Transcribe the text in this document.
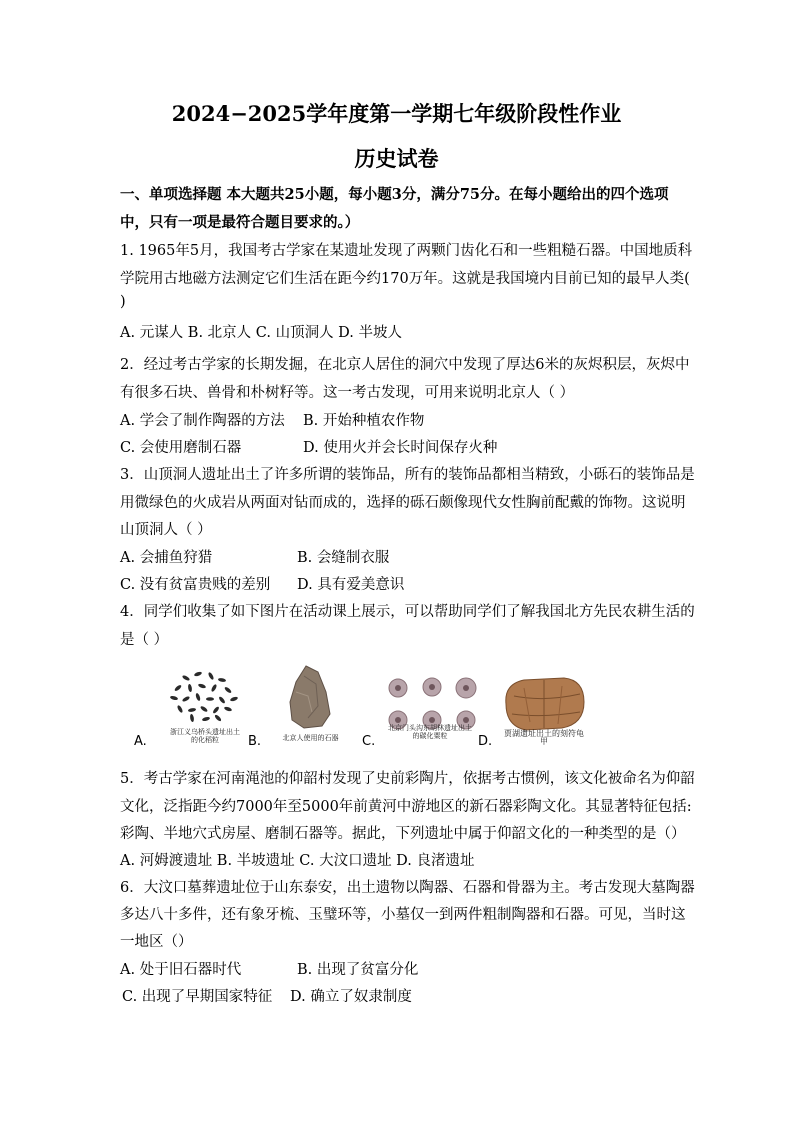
2024−2025学年度第一学期七年级阶段性作业
历史试卷
一、单项选择题 本大题共25小题，每小题3分，满分75分。在每小题给出的四个选项
中，只有一项是最符合题目要求的。）
1. 1965年5月，我国考古学家在某遗址发现了两颗门齿化石和一些粗糙石器。中国地质科
学院用古地磁方法测定它们生活在距今约170万年。这就是我国境内目前已知的最早人类(
)
A. 元谋人 B. 北京人 C. 山顶洞人 D. 半坡人
2．经过考古学家的长期发掘，在北京人居住的洞穴中发现了厚达6米的灰烬积层，灰烬中
有很多石块、兽骨和朴树籽等。这一考古发现，可用来说明北京人（ ）
A. 学会了制作陶器的方法 B. 开始种植农作物
C. 会使用磨制石器	D. 使用火并会长时间保存火种
3．山顶洞人遗址出土了许多所谓的装饰品，所有的装饰品都相当精致，小砾石的装饰品是
用微绿色的火成岩从两面对钻而成的，选择的砾石颇像现代女性胸前配戴的饰物。这说明
山顶洞人（ ）
A. 会捕鱼狩猎	B. 会缝制衣服
C. 没有贫富贵贱的差别 D. 具有爱美意识
4．同学们收集了如下图片在活动课上展示，可以帮助同学们了解我国北方先民农耕生活的
是（ ）
浙江义乌桥头遗址出土的化稻粒
A.	北京人使用的石器
B.
北京门头沟东胡林遗址出土的碳化粟粒
C.	D.
贾湖遗址出土的刻符龟甲
5．考古学家在河南渑池的仰韶村发现了史前彩陶片，依据考古惯例，该文化被命名为仰韶
文化，泛指距今约7000年至5000年前黄河中游地区的新石器彩陶文化。其显著特征包括:
彩陶、半地穴式房屋、磨制石器等。据此，下列遗址中属于仰韶文化的一种类型的是（）
A. 河姆渡遗址 B. 半坡遗址 C. 大汶口遗址 D. 良渚遗址
6．大汶口墓葬遗址位于山东泰安，出土遗物以陶器、石器和骨器为主。考古发现大墓陶器
多达八十多件，还有象牙梳、玉璧环等，小墓仅一到两件粗制陶器和石器。可见，当时这
一地区（）
A. 处于旧石器时代	B. 出现了贫富分化
C. 出现了早期国家特征 D. 确立了奴隶制度
